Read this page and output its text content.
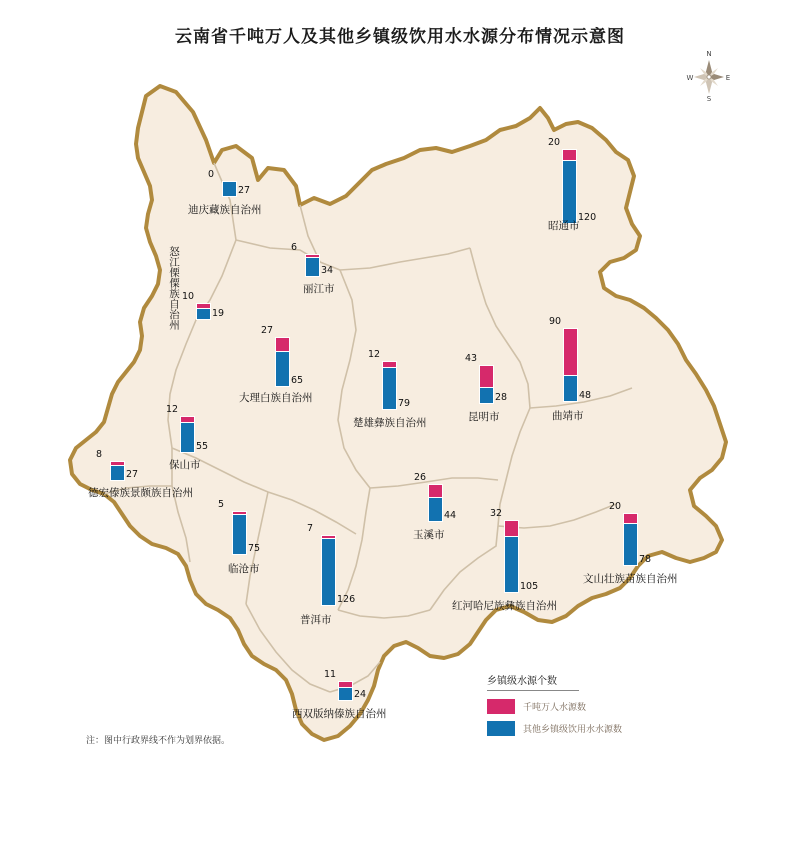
云南省千吨万人及其他乡镇级饮用水水源分布情况示意图
N
S
E
W
0
27
迪庆藏族自治州
6
34
丽江市
10
19
怒江傈僳族自治州
27
65
大理白族自治州
20
120
昭通市
12
79
楚雄彝族自治州
43
28
昆明市
90
48
曲靖市
12
55
保山市
8
27
德宏傣族景颇族自治州
5
75
临沧市
26
44
玉溪市
32
105
红河哈尼族彝族自治州
20
78
文山壮族苗族自治州
7
126
普洱市
11
24
西双版纳傣族自治州
乡镇级水源个数
千吨万人水源数
其他乡镇级饮用水水源数
注：图中行政界线不作为划界依据。
